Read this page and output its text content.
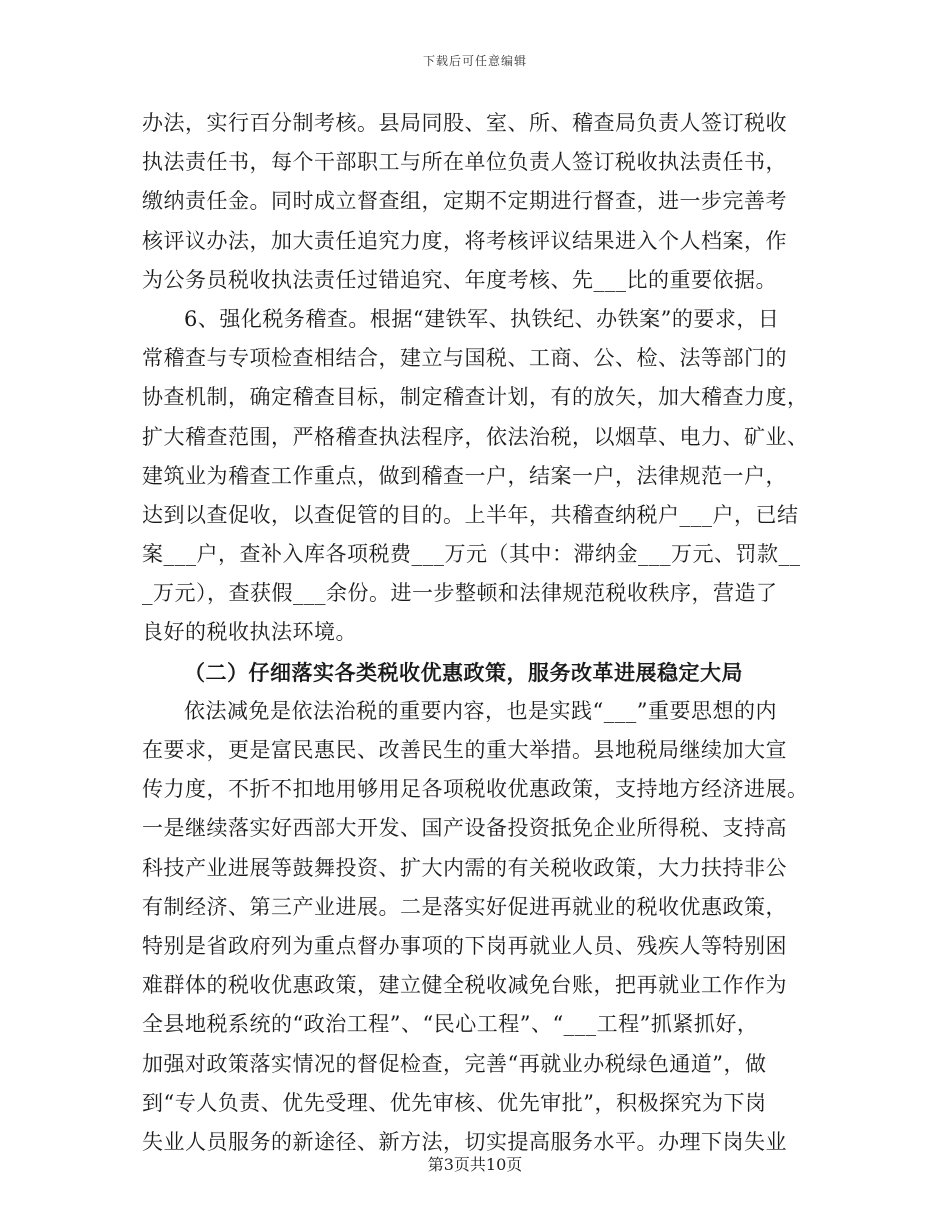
下载后可任意编辑
办法，实行百分制考核。县局同股、室、所、稽查局负责人签订税收
执法责任书，每个干部职工与所在单位负责人签订税收执法责任书，
缴纳责任金。同时成立督查组，定期不定期进行督查，进一步完善考
核评议办法，加大责任追究力度，将考核评议结果进入个人档案，作
为公务员税收执法责任过错追究、年度考核、先___比的重要依据。
6、强化税务稽查。根据“建铁军、执铁纪、办铁案”的要求，日
常稽查与专项检查相结合，建立与国税、工商、公、检、法等部门的
协查机制，确定稽查目标，制定稽查计划，有的放矢，加大稽查力度，
扩大稽查范围，严格稽查执法程序，依法治税，以烟草、电力、矿业、
建筑业为稽查工作重点，做到稽查一户，结案一户，法律规范一户，
达到以查促收，以查促管的目的。上半年，共稽查纳税户___户，已结
案___户，查补入库各项税费___万元（其中：滞纳金___万元、罚款__
_万元），查获假___余份。进一步整顿和法律规范税收秩序，营造了
良好的税收执法环境。
（二）仔细落实各类税收优惠政策，服务改革进展稳定大局
依法减免是依法治税的重要内容，也是实践“___”重要思想的内
在要求，更是富民惠民、改善民生的重大举措。县地税局继续加大宣
传力度，不折不扣地用够用足各项税收优惠政策，支持地方经济进展。
一是继续落实好西部大开发、国产设备投资抵免企业所得税、支持高
科技产业进展等鼓舞投资、扩大内需的有关税收政策，大力扶持非公
有制经济、第三产业进展。二是落实好促进再就业的税收优惠政策，
特别是省政府列为重点督办事项的下岗再就业人员、残疾人等特别困
难群体的税收优惠政策，建立健全税收减免台账，把再就业工作作为
全县地税系统的“政治工程”、“民心工程”、“___工程”抓紧抓好，
加强对政策落实情况的督促检查，完善“再就业办税绿色通道”，做
到“专人负责、优先受理、优先审核、优先审批”，积极探究为下岗
失业人员服务的新途径、新方法，切实提高服务水平。办理下岗失业
第3页共10页
